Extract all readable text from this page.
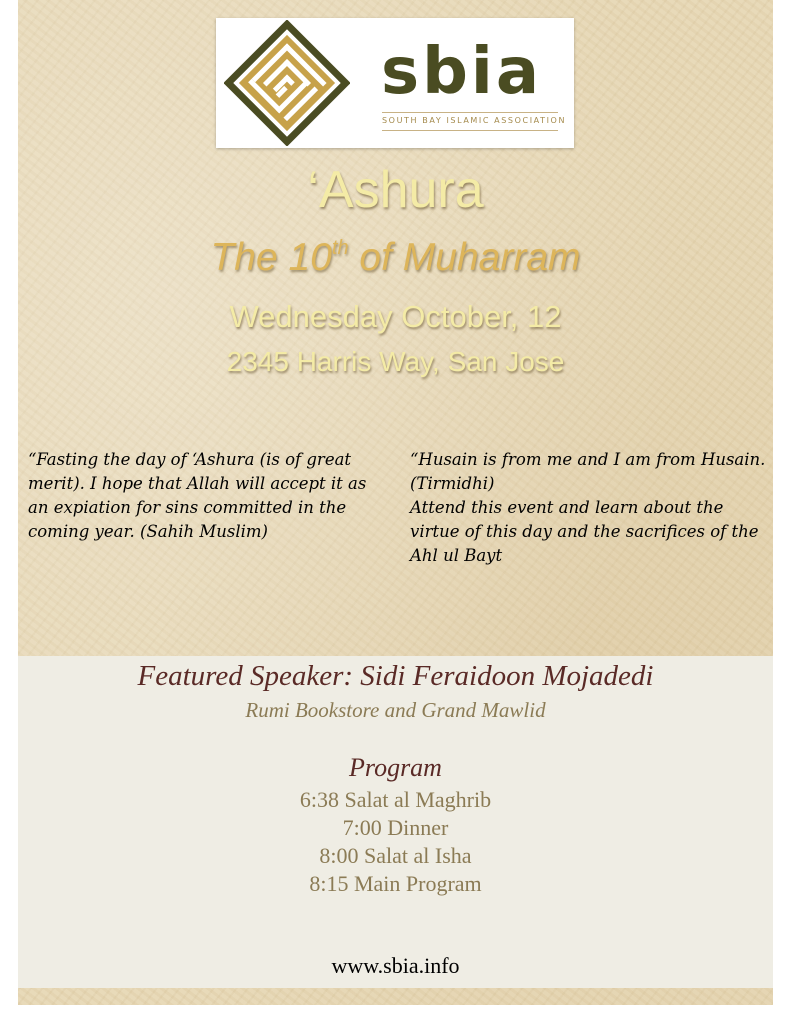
sbia
SOUTH BAY ISLAMIC ASSOCIATION
‘Ashura
The 10th of Muharram
Wednesday October, 12
2345 Harris Way, San Jose

“Fasting the day of ‘Ashura (is of great merit). I hope that Allah will accept it as an expiation for sins committed in the coming year. (Sahih Muslim)

“Husain is from me and I am from Husain. (Tirmidhi)

Attend this event and learn about the virtue of this day and the sacrifices of the Ahl ul Bayt

Featured Speaker: Sidi Feraidoon Mojadedi
Rumi Bookstore and Grand Mawlid
Program
6:38 Salat al Maghrib
7:00 Dinner
8:00 Salat al Isha
8:15 Main Program
www.sbia.info
